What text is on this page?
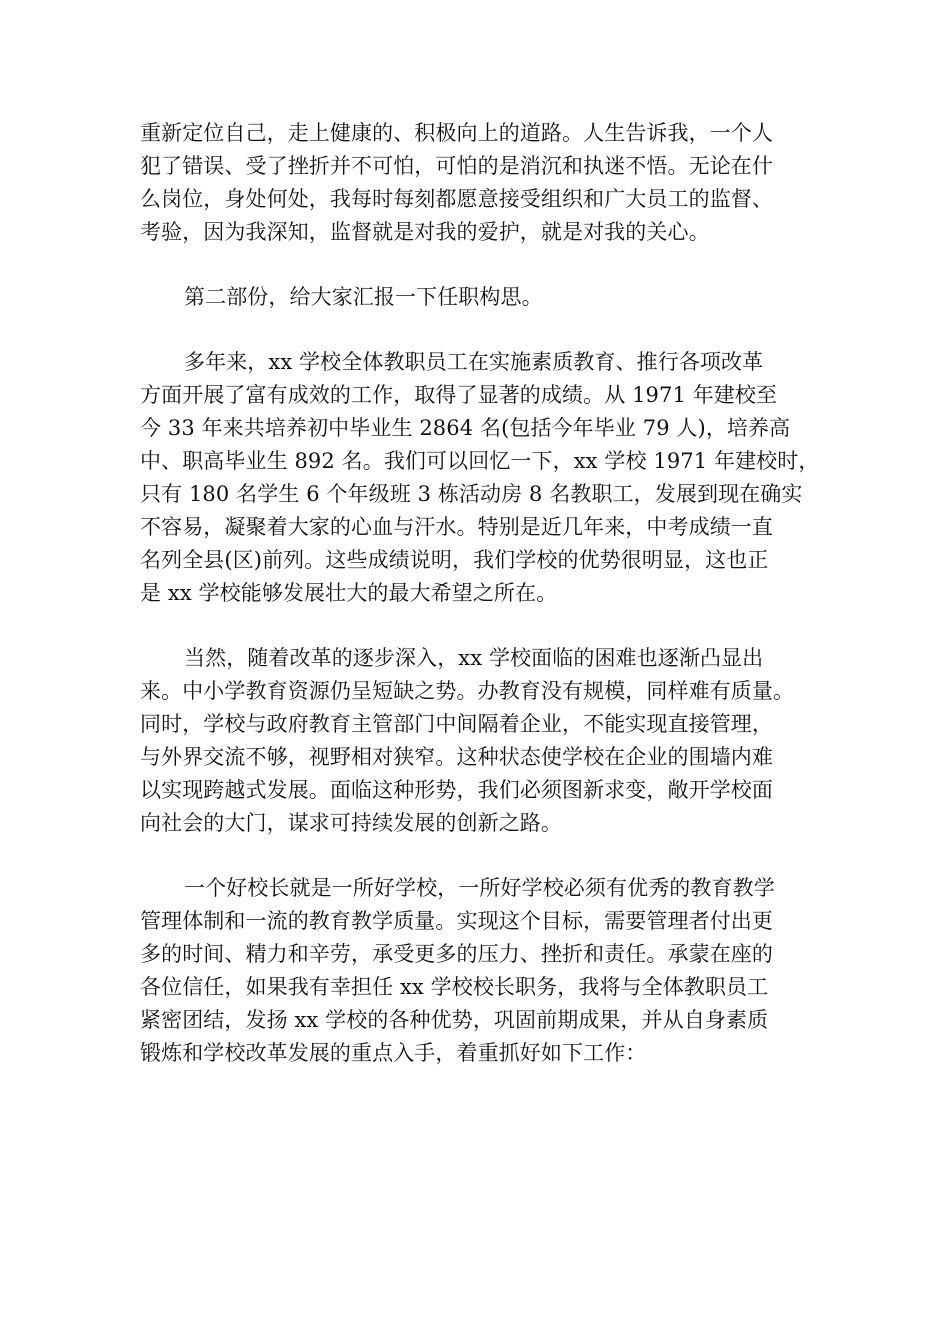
重新定位自己，走上健康的、积极向上的道路。人生告诉我，一个人
犯了错误、受了挫折并不可怕，可怕的是消沉和执迷不悟。无论在什
么岗位，身处何处，我每时每刻都愿意接受组织和广大员工的监督、
考验，因为我深知，监督就是对我的爱护，就是对我的关心。

第二部份，给大家汇报一下任职构思。

多年来，xx 学校全体教职员工在实施素质教育、推行各项改革
方面开展了富有成效的工作，取得了显著的成绩。从 1971 年建校至
今 33 年来共培养初中毕业生 2864 名(包括今年毕业 79 人)，培养高
中、职高毕业生 892 名。我们可以回忆一下，xx 学校 1971 年建校时，
只有 180 名学生 6 个年级班 3 栋活动房 8 名教职工，发展到现在确实
不容易，凝聚着大家的心血与汗水。特别是近几年来，中考成绩一直
名列全县(区)前列。这些成绩说明，我们学校的优势很明显，这也正
是 xx 学校能够发展壮大的最大希望之所在。

当然，随着改革的逐步深入，xx 学校面临的困难也逐渐凸显出
来。中小学教育资源仍呈短缺之势。办教育没有规模，同样难有质量。
同时，学校与政府教育主管部门中间隔着企业，不能实现直接管理，
与外界交流不够，视野相对狭窄。这种状态使学校在企业的围墙内难
以实现跨越式发展。面临这种形势，我们必须图新求变，敞开学校面
向社会的大门，谋求可持续发展的创新之路。

一个好校长就是一所好学校，一所好学校必须有优秀的教育教学
管理体制和一流的教育教学质量。实现这个目标，需要管理者付出更
多的时间、精力和辛劳，承受更多的压力、挫折和责任。承蒙在座的
各位信任，如果我有幸担任 xx 学校校长职务，我将与全体教职员工
紧密团结，发扬 xx 学校的各种优势，巩固前期成果，并从自身素质
锻炼和学校改革发展的重点入手，着重抓好如下工作：
